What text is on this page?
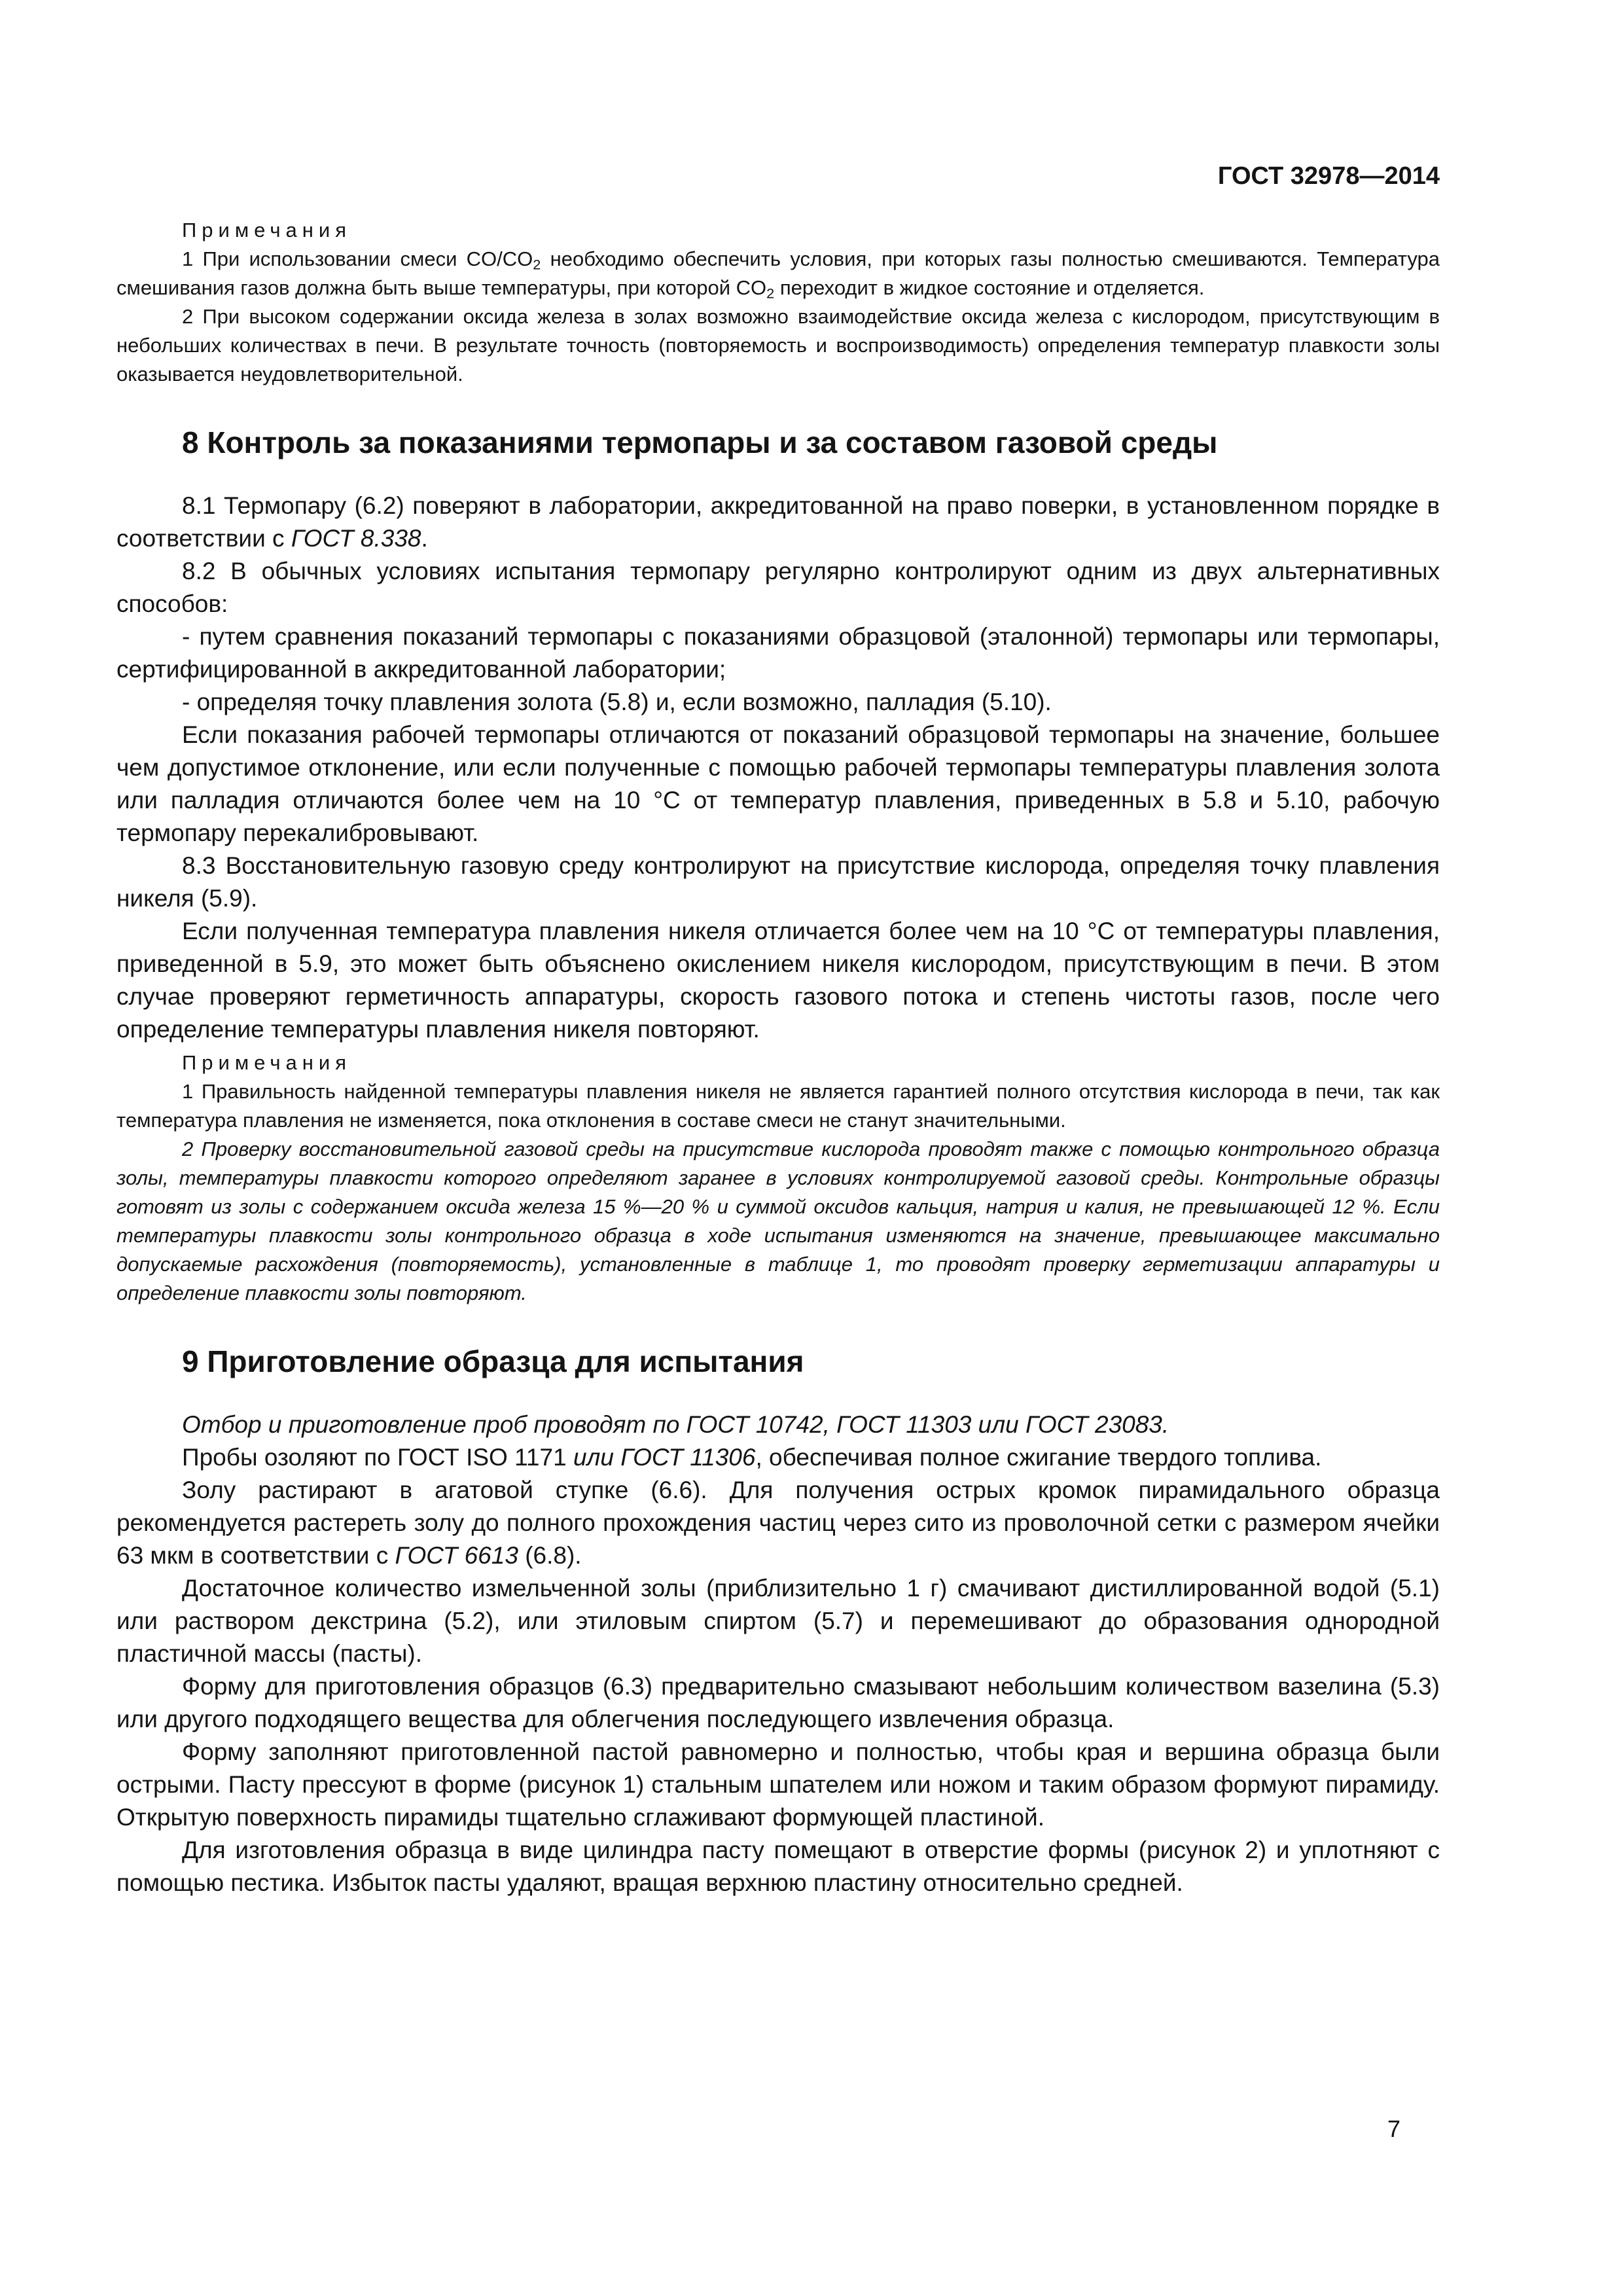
ГОСТ 32978—2014

Примечания

1 При использовании смеси $CO/CO_2$ необходимо обеспечить условия, при которых газы полностью смешиваются. Температура смешивания газов должна быть выше температуры, при которой $CO_2$ переходит в жидкое состояние и отделяется.

2 При высоком содержании оксида железа в золах возможно взаимодействие оксида железа с кислородом, присутствующим в небольших количествах в печи. В результате точность (повторяемость и воспроизводимость) определения температур плавкости золы оказывается неудовлетворительной.

8 Контроль за показаниями термопары и за составом газовой среды

8.1 Термопару (6.2) поверяют в лаборатории, аккредитованной на право поверки, в установленном порядке в соответствии с ГОСТ 8.338.

8.2 В обычных условиях испытания термопару регулярно контролируют одним из двух альтернативных способов:

- путем сравнения показаний термопары с показаниями образцовой (эталонной) термопары или термопары, сертифицированной в аккредитованной лаборатории;

- определяя точку плавления золота (5.8) и, если возможно, палладия (5.10).

Если показания рабочей термопары отличаются от показаний образцовой термопары на значение, большее чем допустимое отклонение, или если полученные с помощью рабочей термопары температуры плавления золота или палладия отличаются более чем на 10 °С от температур плавления, приведенных в 5.8 и 5.10, рабочую термопару перекалибровывают.

8.3 Восстановительную газовую среду контролируют на присутствие кислорода, определяя точку плавления никеля (5.9).

Если полученная температура плавления никеля отличается более чем на 10 °С от температуры плавления, приведенной в 5.9, это может быть объяснено окислением никеля кислородом, присутствующим в печи. В этом случае проверяют герметичность аппаратуры, скорость газового потока и степень чистоты газов, после чего определение температуры плавления никеля повторяют.

Примечания

1 Правильность найденной температуры плавления никеля не является гарантией полного отсутствия кислорода в печи, так как температура плавления не изменяется, пока отклонения в составе смеси не станут значительными.

2 Проверку восстановительной газовой среды на присутствие кислорода проводят также с помощью контрольного образца золы, температуры плавкости которого определяют заранее в условиях контролируемой газовой среды. Контрольные образцы готовят из золы с содержанием оксида железа 15 %—20 % и суммой оксидов кальция, натрия и калия, не превышающей 12 %. Если температуры плавкости золы контрольного образца в ходе испытания изменяются на значение, превышающее максимально допускаемые расхождения (повторяемость), установленные в таблице 1, то проводят проверку герметизации аппаратуры и определение плавкости золы повторяют.

9 Приготовление образца для испытания

Отбор и приготовление проб проводят по ГОСТ 10742, ГОСТ 11303 или ГОСТ 23083.

Пробы озоляют по ГОСТ ISO 1171 или ГОСТ 11306, обеспечивая полное сжигание твердого топлива.

Золу растирают в агатовой ступке (6.6). Для получения острых кромок пирамидального образца рекомендуется растереть золу до полного прохождения частиц через сито из проволочной сетки с размером ячейки 63 мкм в соответствии с ГОСТ 6613 (6.8).

Достаточное количество измельченной золы (приблизительно 1 г) смачивают дистиллированной водой (5.1) или раствором декстрина (5.2), или этиловым спиртом (5.7) и перемешивают до образования однородной пластичной массы (пасты).

Форму для приготовления образцов (6.3) предварительно смазывают небольшим количеством вазелина (5.3) или другого подходящего вещества для облегчения последующего извлечения образца.

Форму заполняют приготовленной пастой равномерно и полностью, чтобы края и вершина образца были острыми. Пасту прессуют в форме (рисунок 1) стальным шпателем или ножом и таким образом формуют пирамиду. Открытую поверхность пирамиды тщательно сглаживают формующей пластиной.

Для изготовления образца в виде цилиндра пасту помещают в отверстие формы (рисунок 2) и уплотняют с помощью пестика. Избыток пасты удаляют, вращая верхнюю пластину относительно средней.

7
